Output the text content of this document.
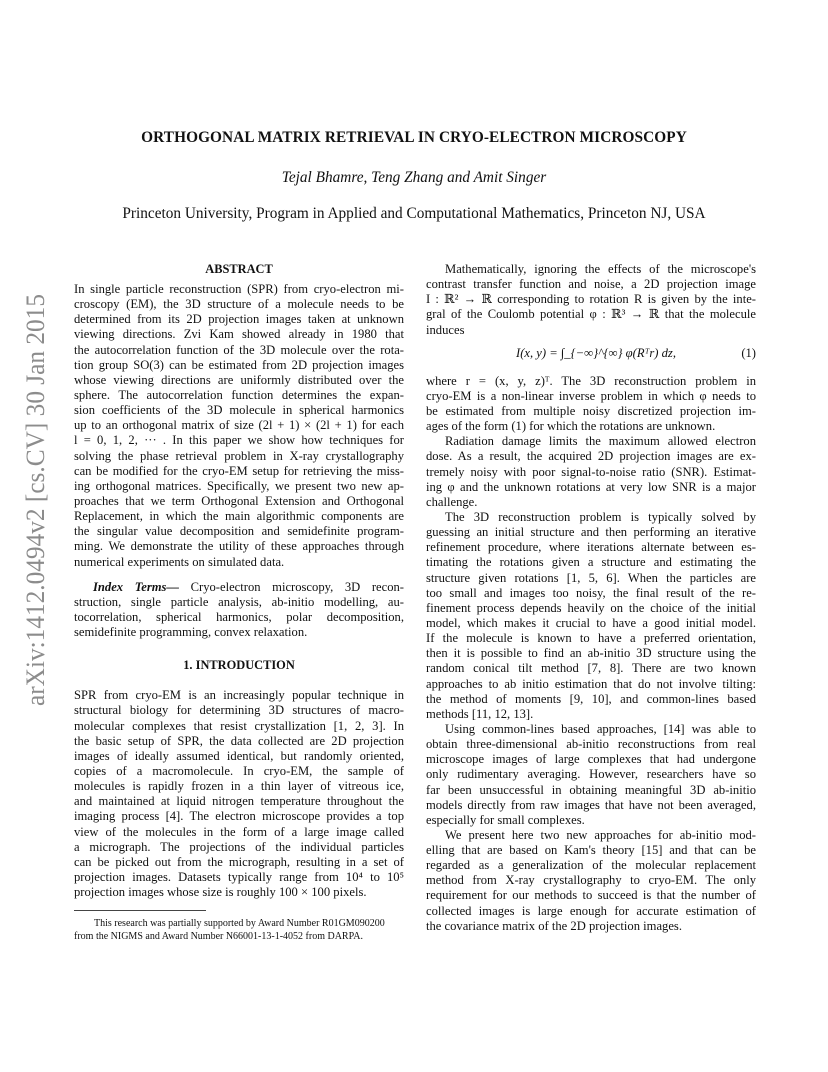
arXiv:1412.0494v2 [cs.CV] 30 Jan 2015
ORTHOGONAL MATRIX RETRIEVAL IN CRYO-ELECTRON MICROSCOPY
Tejal Bhamre, Teng Zhang and Amit Singer
Princeton University, Program in Applied and Computational Mathematics, Princeton NJ, USA
ABSTRACT
In single particle reconstruction (SPR) from cryo-electron mi-
croscopy (EM), the 3D structure of a molecule needs to be
determined from its 2D projection images taken at unknown
viewing directions. Zvi Kam showed already in 1980 that
the autocorrelation function of the 3D molecule over the rota-
tion group SO(3) can be estimated from 2D projection images
whose viewing directions are uniformly distributed over the
sphere. The autocorrelation function determines the expan-
sion coefficients of the 3D molecule in spherical harmonics
up to an orthogonal matrix of size (2l + 1) × (2l + 1) for each
l = 0, 1, 2, ··· . In this paper we show how techniques for
solving the phase retrieval problem in X-ray crystallography
can be modified for the cryo-EM setup for retrieving the miss-
ing orthogonal matrices. Specifically, we present two new ap-
proaches that we term Orthogonal Extension and Orthogonal
Replacement, in which the main algorithmic components are
the singular value decomposition and semidefinite program-
ming. We demonstrate the utility of these approaches through
numerical experiments on simulated data.
Index Terms— Cryo-electron microscopy, 3D recon-
struction, single particle analysis, ab-initio modelling, au-
tocorrelation, spherical harmonics, polar decomposition,
semidefinite programming, convex relaxation.
1. INTRODUCTION
SPR from cryo-EM is an increasingly popular technique in
structural biology for determining 3D structures of macro-
molecular complexes that resist crystallization [1, 2, 3]. In
the basic setup of SPR, the data collected are 2D projection
images of ideally assumed identical, but randomly oriented,
copies of a macromolecule. In cryo-EM, the sample of
molecules is rapidly frozen in a thin layer of vitreous ice,
and maintained at liquid nitrogen temperature throughout the
imaging process [4]. The electron microscope provides a top
view of the molecules in the form of a large image called
a micrograph. The projections of the individual particles
can be picked out from the micrograph, resulting in a set of
projection images. Datasets typically range from 10⁴ to 10⁵
projection images whose size is roughly 100 × 100 pixels.
This research was partially supported by Award Number R01GM090200
from the NIGMS and Award Number N66001-13-1-4052 from DARPA.
Mathematically, ignoring the effects of the microscope's
contrast transfer function and noise, a 2D projection image
I : ℝ² → ℝ corresponding to rotation R is given by the inte-
gral of the Coulomb potential φ : ℝ³ → ℝ that the molecule
induces
I(x, y) = ∫_{−∞}^{∞} φ(Rᵀr) dz,	(1)
where r = (x, y, z)ᵀ. The 3D reconstruction problem in
cryo-EM is a non-linear inverse problem in which φ needs to
be estimated from multiple noisy discretized projection im-
ages of the form (1) for which the rotations are unknown.
Radiation damage limits the maximum allowed electron
dose. As a result, the acquired 2D projection images are ex-
tremely noisy with poor signal-to-noise ratio (SNR). Estimat-
ing φ and the unknown rotations at very low SNR is a major
challenge.
The 3D reconstruction problem is typically solved by
guessing an initial structure and then performing an iterative
refinement procedure, where iterations alternate between es-
timating the rotations given a structure and estimating the
structure given rotations [1, 5, 6]. When the particles are
too small and images too noisy, the final result of the re-
finement process depends heavily on the choice of the initial
model, which makes it crucial to have a good initial model.
If the molecule is known to have a preferred orientation,
then it is possible to find an ab-initio 3D structure using the
random conical tilt method [7, 8]. There are two known
approaches to ab initio estimation that do not involve tilting:
the method of moments [9, 10], and common-lines based
methods [11, 12, 13].
Using common-lines based approaches, [14] was able to
obtain three-dimensional ab-initio reconstructions from real
microscope images of large complexes that had undergone
only rudimentary averaging. However, researchers have so
far been unsuccessful in obtaining meaningful 3D ab-initio
models directly from raw images that have not been averaged,
especially for small complexes.
We present here two new approaches for ab-initio mod-
elling that are based on Kam's theory [15] and that can be
regarded as a generalization of the molecular replacement
method from X-ray crystallography to cryo-EM. The only
requirement for our methods to succeed is that the number of
collected images is large enough for accurate estimation of
the covariance matrix of the 2D projection images.
